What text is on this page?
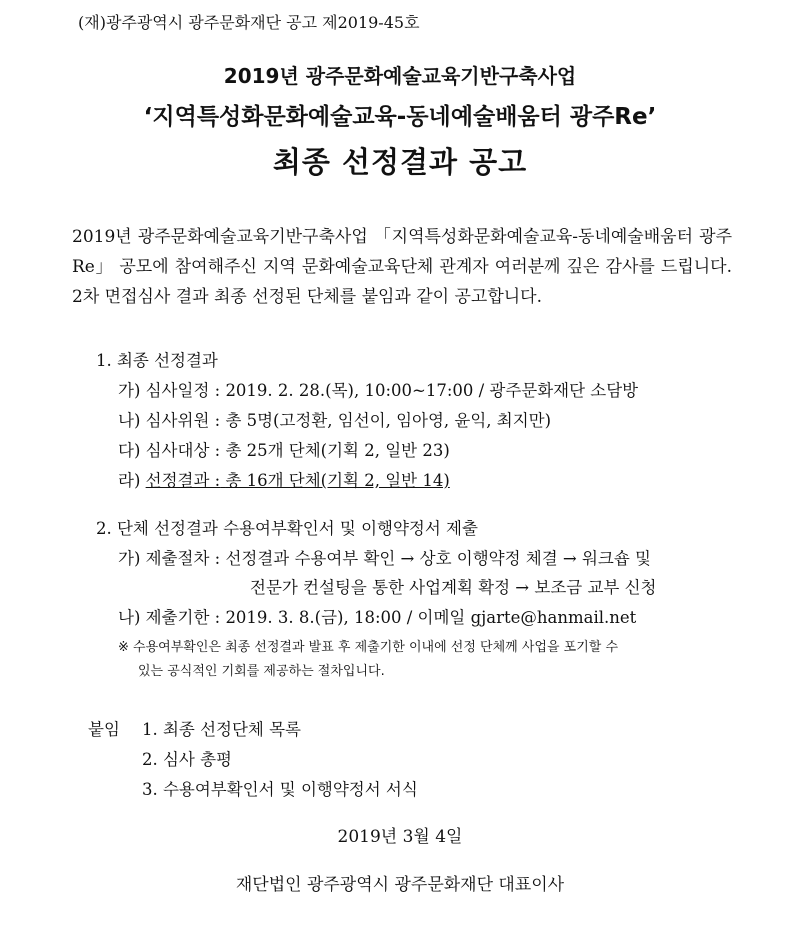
(재)광주광역시 광주문화재단 공고 제2019-45호
2019년 광주문화예술교육기반구축사업
‘지역특성화문화예술교육-동네예술배움터 광주Re’
최종 선정결과 공고
2019년 광주문화예술교육기반구축사업 「지역특성화문화예술교육-동네예술배움터 광주Re」 공모에 참여해주신 지역 문화예술교육단체 관계자 여러분께 깊은 감사를 드립니다. 2차 면접심사 결과 최종 선정된 단체를 붙임과 같이 공고합니다.
1. 최종 선정결과
가) 심사일정 : 2019. 2. 28.(목), 10:00~17:00 / 광주문화재단 소담방
나) 심사위원 : 총 5명(고정환, 임선이, 임아영, 윤익, 최지만)
다) 심사대상 : 총 25개 단체(기획 2, 일반 23)
라) 선정결과 : 총 16개 단체(기획 2, 일반 14)
2. 단체 선정결과 수용여부확인서 및 이행약정서 제출
가) 제출절차 : 선정결과 수용여부 확인 → 상호 이행약정 체결 → 워크숍 및
전문가 컨설팅을 통한 사업계획 확정 → 보조금 교부 신청
나) 제출기한 : 2019. 3. 8.(금), 18:00 / 이메일 gjarte@hanmail.net
※ 수용여부확인은 최종 선정결과 발표 후 제출기한 이내에 선정 단체께 사업을 포기할 수
있는 공식적인 기회를 제공하는 절차입니다.
붙임 1. 최종 선정단체 목록
2. 심사 총평
3. 수용여부확인서 및 이행약정서 서식
2019년 3월 4일
재단법인 광주광역시 광주문화재단 대표이사
